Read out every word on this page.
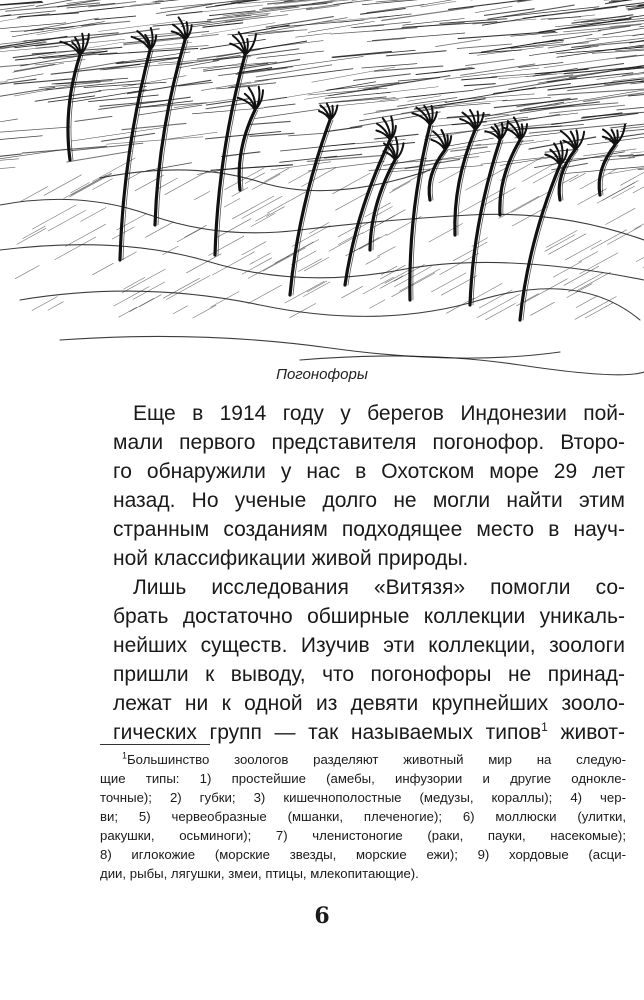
Погонофоры
Еще в 1914 году у берегов Индонезии пой-
мали первого представителя погонофор. Второ-
го обнаружили у нас в Охотском море 29 лет
назад. Но ученые долго не могли найти этим
странным созданиям подходящее место в науч-
ной классификации живой природы.
Лишь исследования «Витязя» помогли со-
брать достаточно обширные коллекции уникаль-
нейших существ. Изучив эти коллекции, зоологи
пришли к выводу, что погонофоры не принад-
лежат ни к одной из девяти крупнейших зооло-
гических групп — так называемых типов$^1$ живот-
$^1$Большинство зоологов разделяют животный мир на следую-
щие типы: 1) простейшие (амебы, инфузории и другие однокле-
точные); 2) губки; 3) кишечнополостные (медузы, кораллы); 4) чер-
ви; 5) червеобразные (мшанки, плеченогие); 6) моллюски (улитки,
ракушки, осьминоги); 7) членистоногие (раки, пауки, насекомые);
8) иглокожие (морские звезды, морские ежи); 9) хордовые (асци-
дии, рыбы, лягушки, змеи, птицы, млекопитающие).
6
